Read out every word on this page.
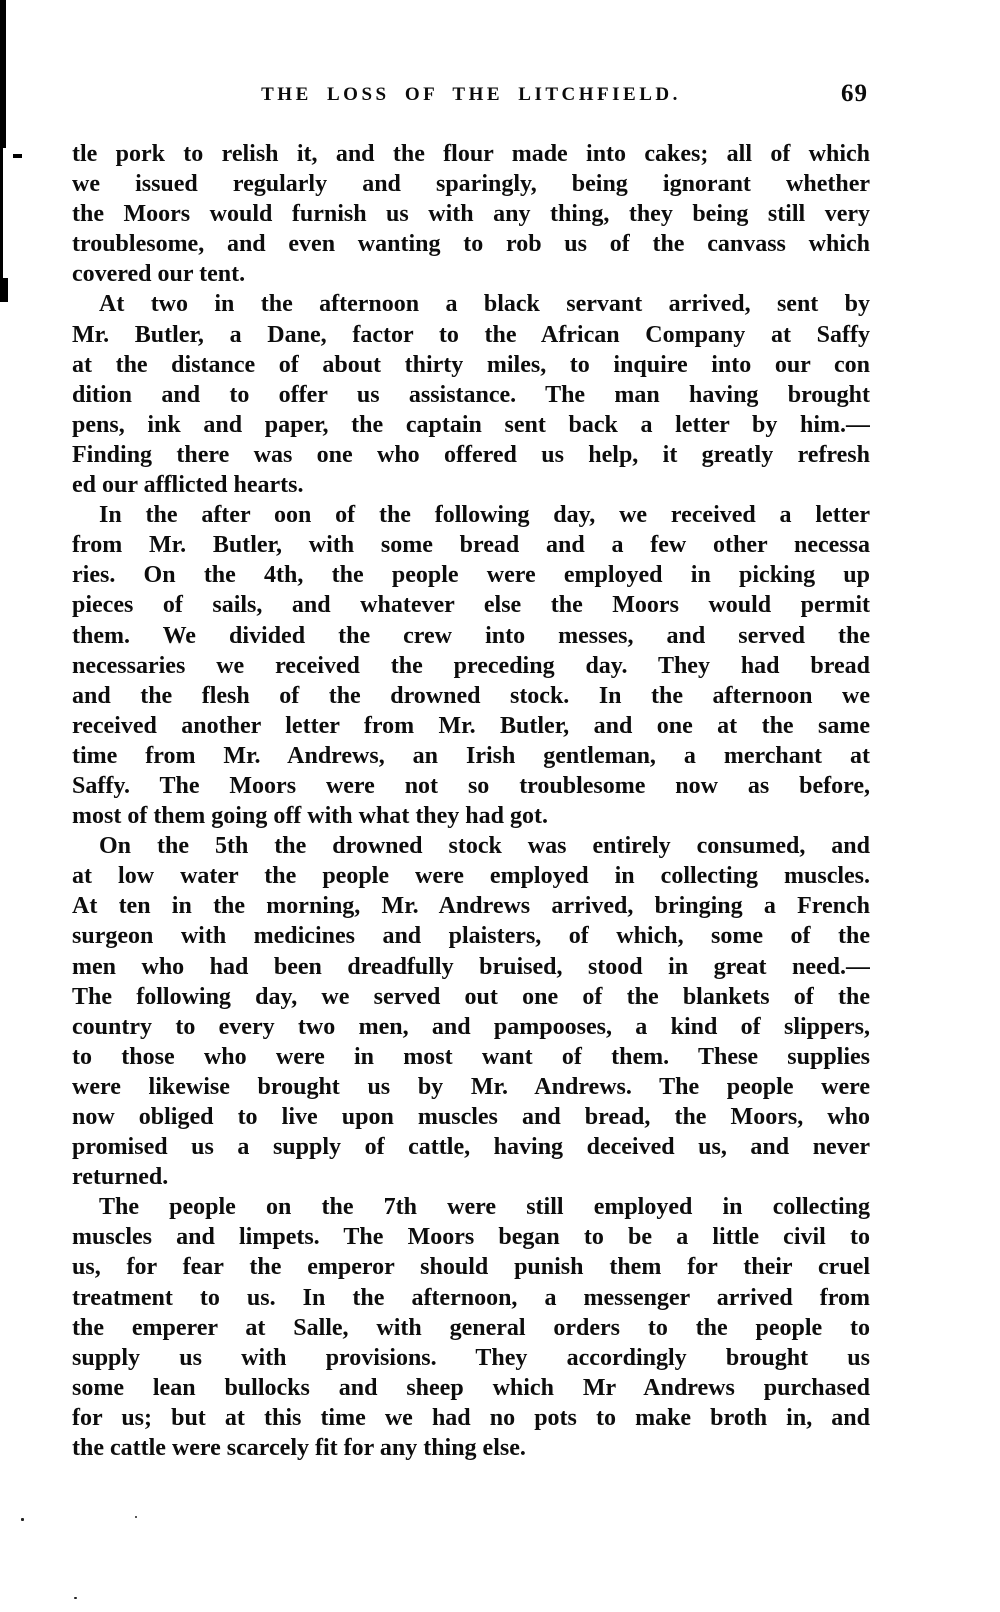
THE LOSS OF THE LITCHFIELD.	69
tle pork to relish it, and the flour made into cakes; all of which
we issued regularly and sparingly, being ignorant whether
the Moors would furnish us with any thing, they being still very
troublesome, and even wanting to rob us of the canvass which
covered our tent.
At two in the afternoon a black servant arrived, sent by
Mr. Butler, a Dane, factor to the African Company at Saffy
at the distance of about thirty miles, to inquire into our con
dition and to offer us assistance. The man having brought
pens, ink and paper, the captain sent back a letter by him.—
Finding there was one who offered us help, it greatly refresh
ed our afflicted hearts.
In the after oon of the following day, we received a letter
from Mr. Butler, with some bread and a few other necessa
ries. On the 4th, the people were employed in picking up
pieces of sails, and whatever else the Moors would permit
them. We divided the crew into messes, and served the
necessaries we received the preceding day. They had bread
and the flesh of the drowned stock. In the afternoon we
received another letter from Mr. Butler, and one at the same
time from Mr. Andrews, an Irish gentleman, a merchant at
Saffy. The Moors were not so troublesome now as before,
most of them going off with what they had got.
On the 5th the drowned stock was entirely consumed, and
at low water the people were employed in collecting muscles.
At ten in the morning, Mr. Andrews arrived, bringing a French
surgeon with medicines and plaisters, of which, some of the
men who had been dreadfully bruised, stood in great need.—
The following day, we served out one of the blankets of the
country to every two men, and pampooses, a kind of slippers,
to those who were in most want of them. These supplies
were likewise brought us by Mr. Andrews. The people were
now obliged to live upon muscles and bread, the Moors, who
promised us a supply of cattle, having deceived us, and never
returned.
The people on the 7th were still employed in collecting
muscles and limpets. The Moors began to be a little civil to
us, for fear the emperor should punish them for their cruel
treatment to us. In the afternoon, a messenger arrived from
the emperer at Salle, with general orders to the people to
supply us with provisions. They accordingly brought us
some lean bullocks and sheep which Mr Andrews purchased
for us; but at this time we had no pots to make broth in, and
the cattle were scarcely fit for any thing else.
